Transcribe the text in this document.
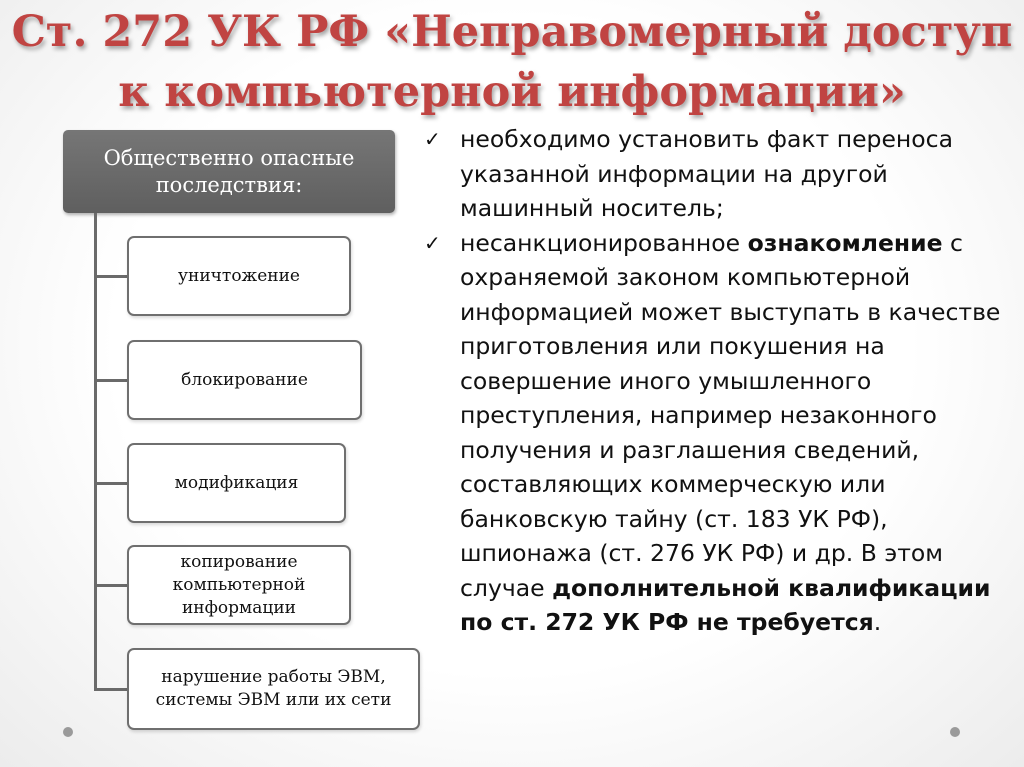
Ст. 272 УК РФ «Неправомерный доступ к компьютерной информации»
Общественно опасные последствия:
уничтожение
блокирование
модификация
копирование компьютерной информации
нарушение работы ЭВМ, системы ЭВМ или их сети
✓ необходимо установить факт переноса указанной информации на другой машинный носитель;
✓ несанкционированное ознакомление с охраняемой законом компьютерной информацией может выступать в качестве приготовления или покушения на совершение иного умышленного преступления, например незаконного получения и разглашения сведений, составляющих коммерческую или банковскую тайну (ст. 183 УК РФ), шпионажа (ст. 276 УК РФ) и др. В этом случае дополнительной квалификации по ст. 272 УК РФ не требуется.
